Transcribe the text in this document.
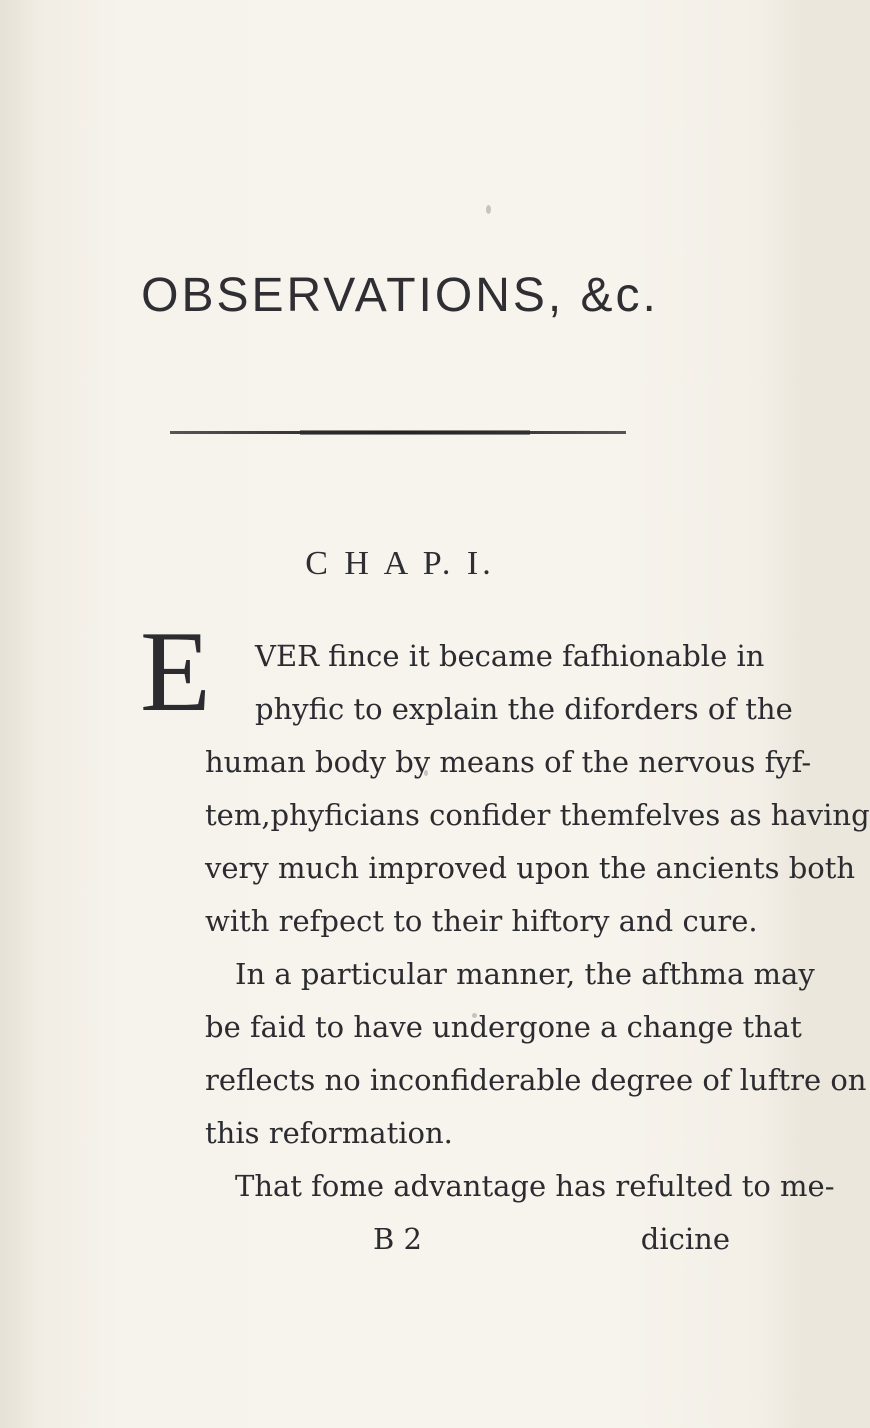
OBSERVATIONS, &c.
C H A P. I.
E VER fince it became fafhionable in
phyfic to explain the diforders of the
human body by means of the nervous fyf-
tem,phyficians confider themfelves as having
very much improved upon the ancients both
with refpect to their hiftory and cure.
In a particular manner, the afthma may
be faid to have undergone a change that
reflects no inconfiderable degree of luftre on
this reformation.
That fome advantage has refulted to me-
B 2	dicine
